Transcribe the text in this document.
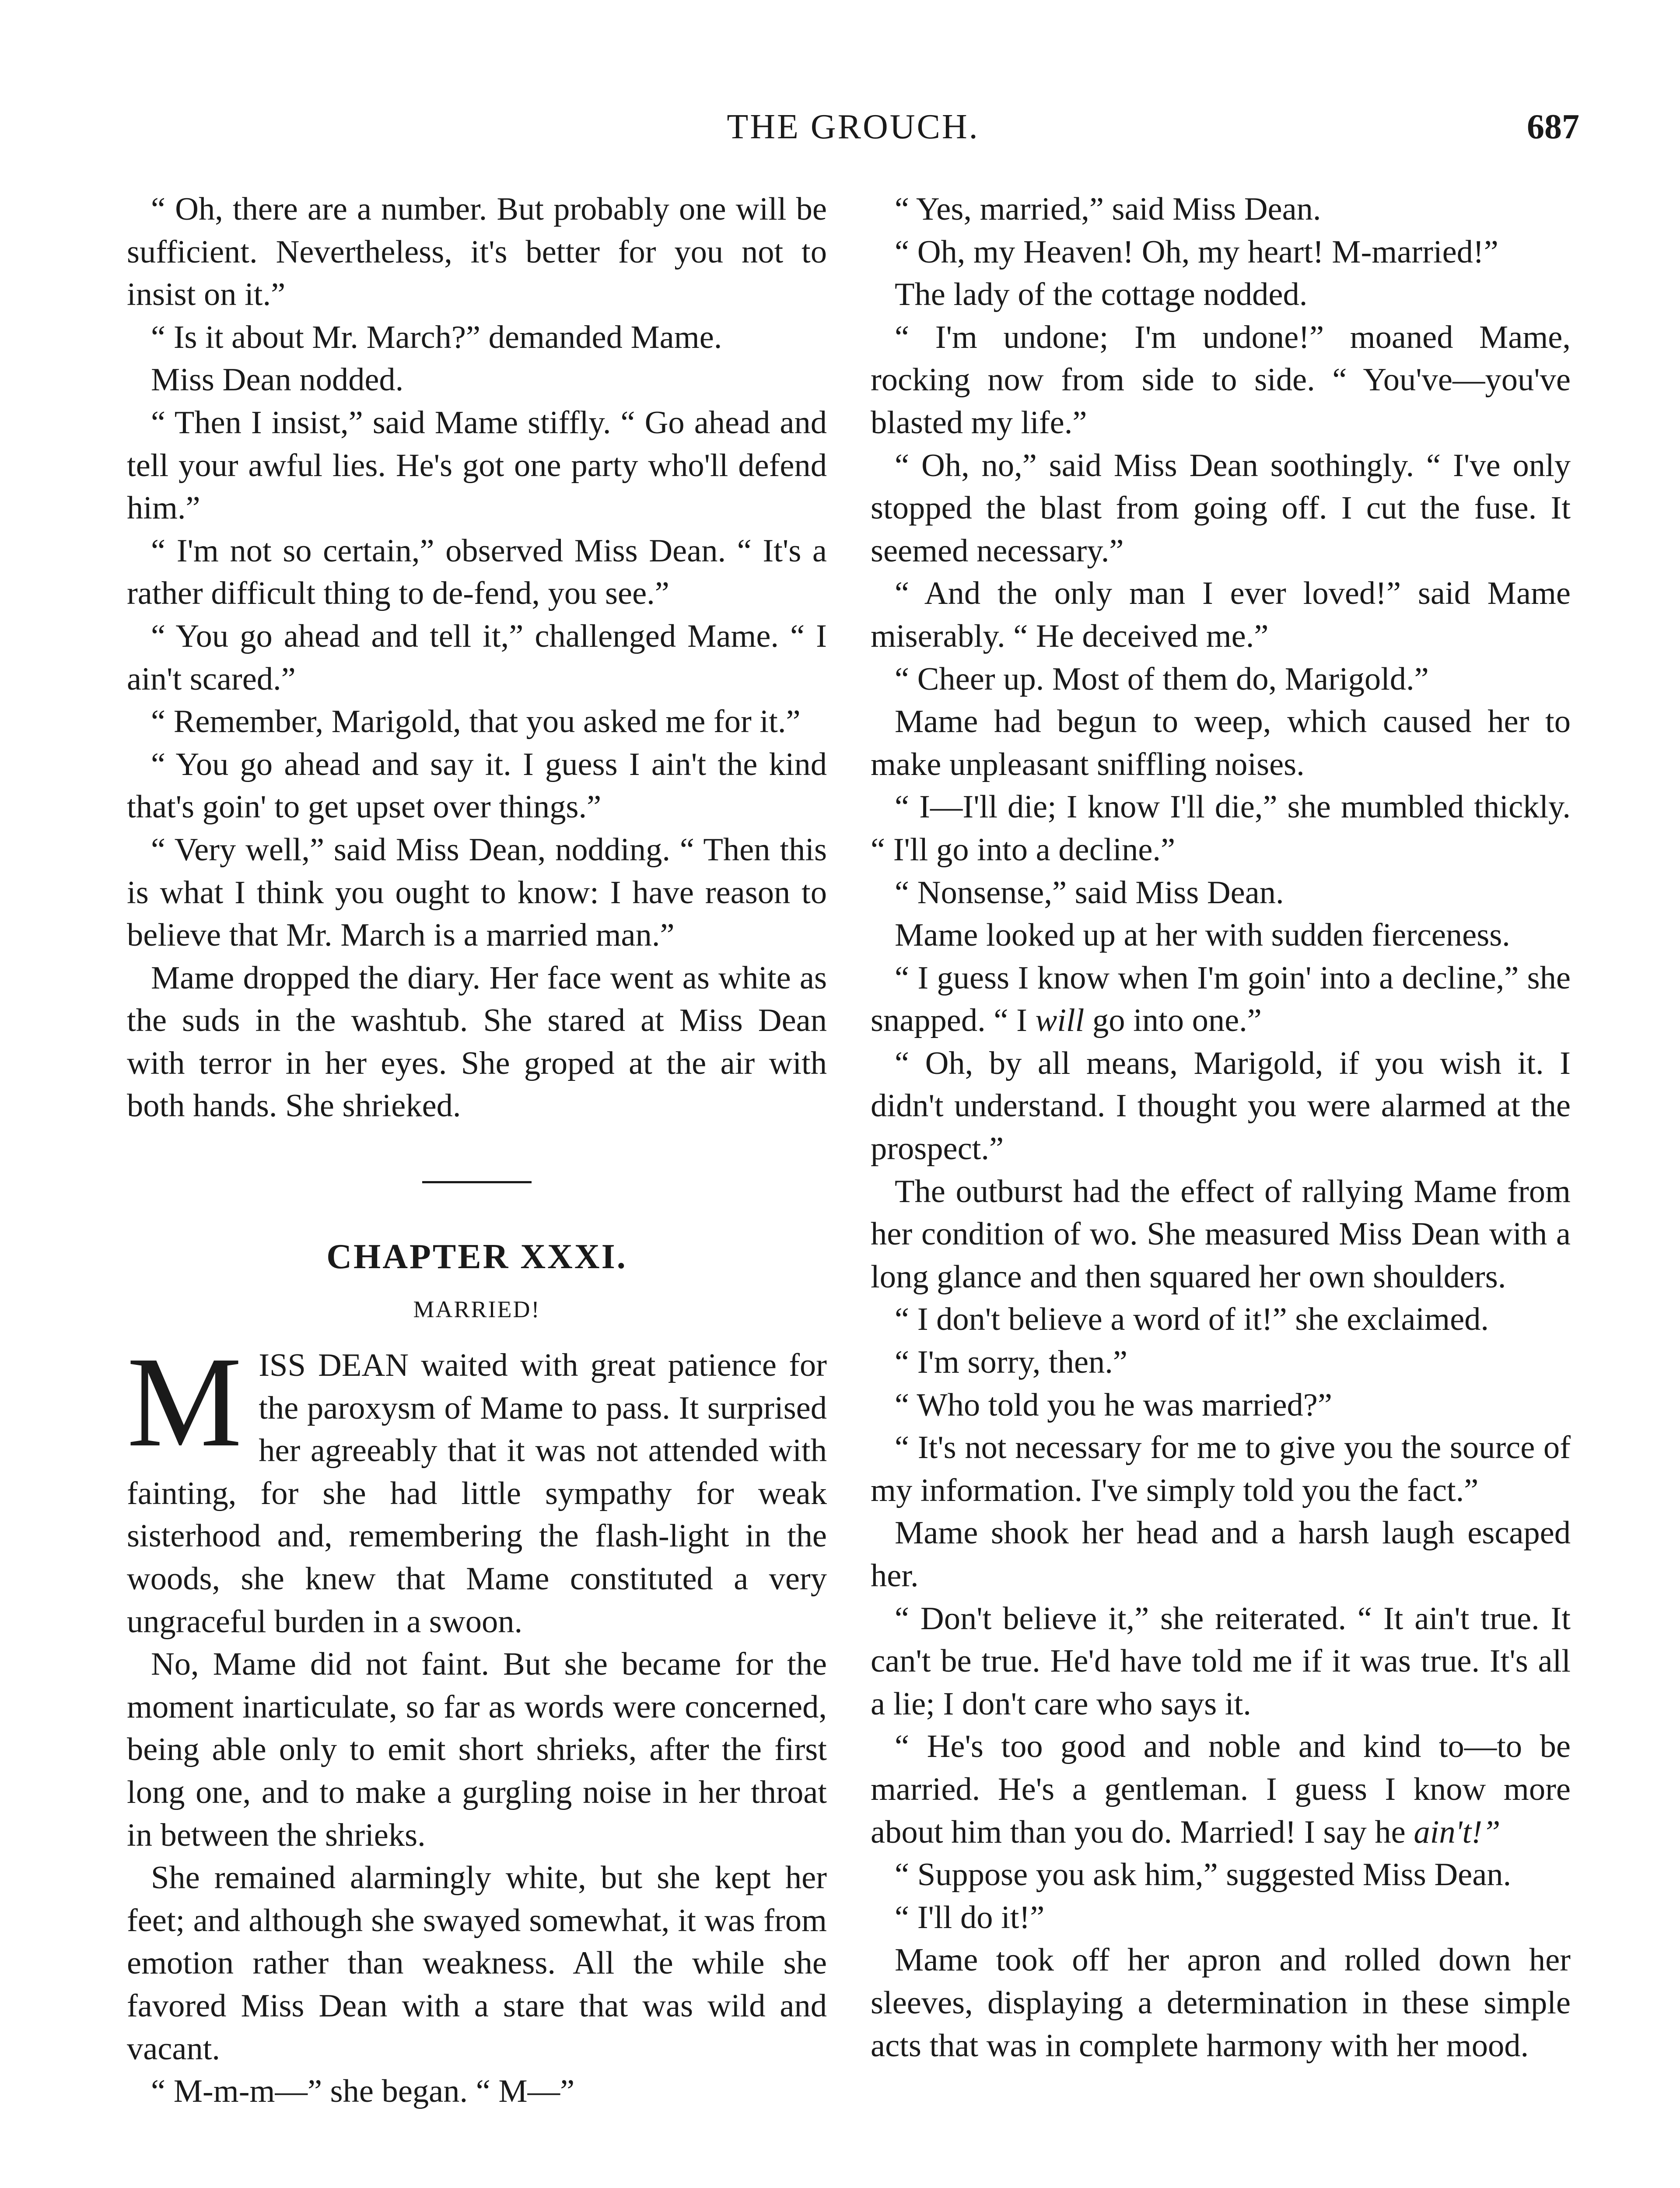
THE GROUCH.	687

“ Oh, there are a number. But probably one will be sufficient. Nevertheless, it's better for you not to insist on it.”

“ Is it about Mr. March?” demanded Mame.

Miss Dean nodded.

“ Then I insist,” said Mame stiffly. “ Go ahead and tell your awful lies. He's got one party who'll defend him.”

“ I'm not so certain,” observed Miss Dean. “ It's a rather difficult thing to de-fend, you see.”

“ You go ahead and tell it,” challenged Mame. “ I ain't scared.”

“ Remember, Marigold, that you asked me for it.”

“ You go ahead and say it. I guess I ain't the kind that's goin' to get upset over things.”

“ Very well,” said Miss Dean, nodding. “ Then this is what I think you ought to know: I have reason to believe that Mr. March is a married man.”

Mame dropped the diary. Her face went as white as the suds in the washtub. She stared at Miss Dean with terror in her eyes. She groped at the air with both hands. She shrieked.

CHAPTER XXXI.
MARRIED!

MISS DEAN waited with great patience for the paroxysm of Mame to pass. It surprised her agreeably that it was not attended with fainting, for she had little sympathy for weak sisterhood and, remembering the flash-light in the woods, she knew that Mame constituted a very ungraceful burden in a swoon.

No, Mame did not faint. But she became for the moment inarticulate, so far as words were concerned, being able only to emit short shrieks, after the first long one, and to make a gurgling noise in her throat in between the shrieks.

She remained alarmingly white, but she kept her feet; and although she swayed somewhat, it was from emotion rather than weakness. All the while she favored Miss Dean with a stare that was wild and vacant.

“ M-m-m—” she began. “ M—”

“ Yes, married,” said Miss Dean.

“ Oh, my Heaven! Oh, my heart! M-married!”

The lady of the cottage nodded.

“ I'm undone; I'm undone!” moaned Mame, rocking now from side to side. “ You've—you've blasted my life.”

“ Oh, no,” said Miss Dean soothingly. “ I've only stopped the blast from going off. I cut the fuse. It seemed necessary.”

“ And the only man I ever loved!” said Mame miserably. “ He deceived me.”

“ Cheer up. Most of them do, Marigold.”

Mame had begun to weep, which caused her to make unpleasant sniffling noises.

“ I—I'll die; I know I'll die,” she mumbled thickly. “ I'll go into a decline.”

“ Nonsense,” said Miss Dean.

Mame looked up at her with sudden fierceness.

“ I guess I know when I'm goin' into a decline,” she snapped. “ I will go into one.”

“ Oh, by all means, Marigold, if you wish it. I didn't understand. I thought you were alarmed at the prospect.”

The outburst had the effect of rallying Mame from her condition of wo. She measured Miss Dean with a long glance and then squared her own shoulders.

“ I don't believe a word of it!” she exclaimed.

“ I'm sorry, then.”

“ Who told you he was married?”

“ It's not necessary for me to give you the source of my information. I've simply told you the fact.”

Mame shook her head and a harsh laugh escaped her.

“ Don't believe it,” she reiterated. “ It ain't true. It can't be true. He'd have told me if it was true. It's all a lie; I don't care who says it.

“ He's too good and noble and kind to—to be married. He's a gentleman. I guess I know more about him than you do. Married! I say he ain't!”

“ Suppose you ask him,” suggested Miss Dean.

“ I'll do it!”

Mame took off her apron and rolled down her sleeves, displaying a determination in these simple acts that was in complete harmony with her mood.
